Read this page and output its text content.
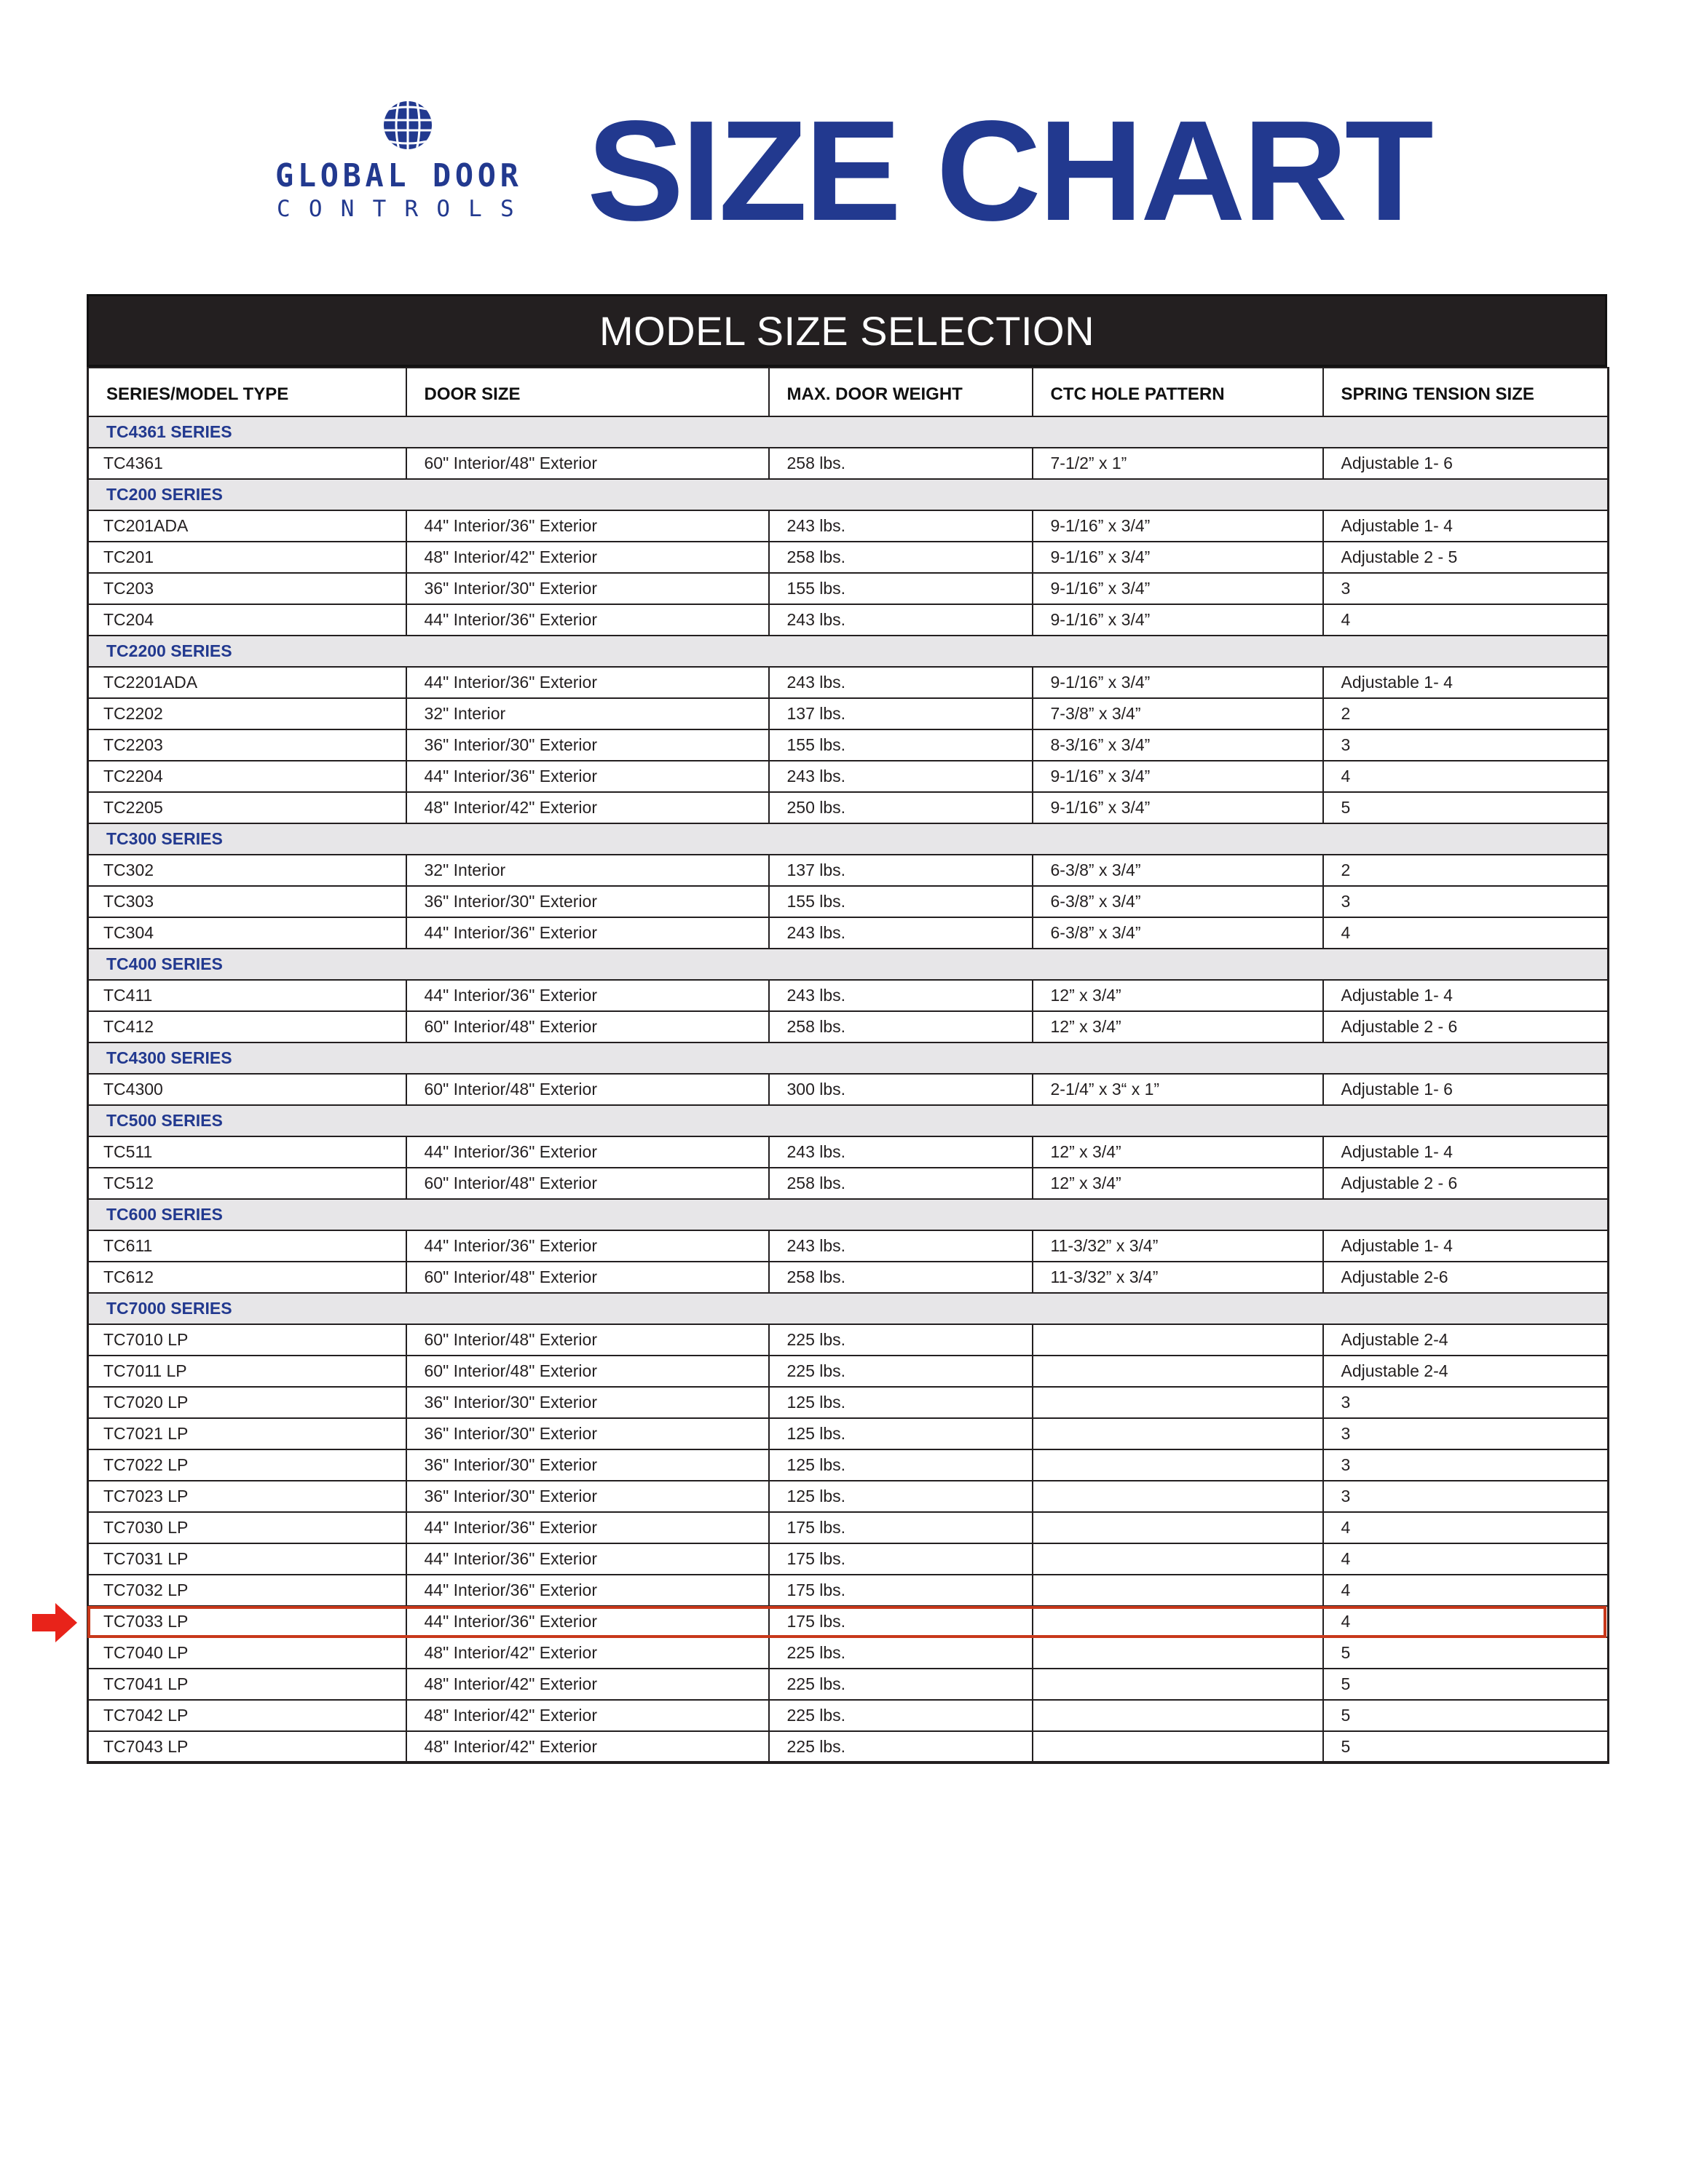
GLOBAL DOOR
CONTROLS SIZE CHART
MODEL SIZE SELECTION
SERIES/MODEL TYPE	DOOR SIZE	MAX. DOOR WEIGHT	CTC HOLE PATTERN	SPRING TENSION SIZE
TC4361 SERIES				
TC4361	60" Interior/48" Exterior	258 lbs.	7-1/2” x 1”	Adjustable 1- 6
TC200 SERIES				
TC201ADA	44" Interior/36" Exterior	243 lbs.	9-1/16” x 3/4”	Adjustable 1- 4
TC201	48" Interior/42" Exterior	258 lbs.	9-1/16” x 3/4”	Adjustable 2 - 5
TC203	36" Interior/30" Exterior	155 lbs.	9-1/16” x 3/4”	3
TC204	44" Interior/36" Exterior	243 lbs.	9-1/16” x 3/4”	4
TC2200 SERIES				
TC2201ADA	44" Interior/36" Exterior	243 lbs.	9-1/16” x 3/4”	Adjustable 1- 4
TC2202	32" Interior	137 lbs.	7-3/8” x 3/4”	2
TC2203	36" Interior/30" Exterior	155 lbs.	8-3/16” x 3/4”	3
TC2204	44" Interior/36" Exterior	243 lbs.	9-1/16” x 3/4”	4
TC2205	48" Interior/42" Exterior	250 lbs.	9-1/16” x 3/4”	5
TC300 SERIES				
TC302	32" Interior	137 lbs.	6-3/8” x 3/4”	2
TC303	36" Interior/30" Exterior	155 lbs.	6-3/8” x 3/4”	3
TC304	44" Interior/36" Exterior	243 lbs.	6-3/8” x 3/4”	4
TC400 SERIES				
TC411	44" Interior/36" Exterior	243 lbs.	12” x 3/4”	Adjustable 1- 4
TC412	60" Interior/48" Exterior	258 lbs.	12” x 3/4”	Adjustable 2 - 6
TC4300 SERIES				
TC4300	60" Interior/48" Exterior	300 lbs.	2-1/4” x 3“ x 1”	Adjustable 1- 6
TC500 SERIES				
TC511	44" Interior/36" Exterior	243 lbs.	12” x 3/4”	Adjustable 1- 4
TC512	60" Interior/48" Exterior	258 lbs.	12” x 3/4”	Adjustable 2 - 6
TC600 SERIES				
TC611	44" Interior/36" Exterior	243 lbs.	11-3/32” x 3/4”	Adjustable 1- 4
TC612	60" Interior/48" Exterior	258 lbs.	11-3/32” x 3/4”	Adjustable 2-6
TC7000 SERIES				
TC7010 LP	60" Interior/48" Exterior	225 lbs.		Adjustable 2-4
TC7011 LP	60" Interior/48" Exterior	225 lbs.		Adjustable 2-4
TC7020 LP	36" Interior/30" Exterior	125 lbs.		3
TC7021 LP	36" Interior/30" Exterior	125 lbs.		3
TC7022 LP	36" Interior/30" Exterior	125 lbs.		3
TC7023 LP	36" Interior/30" Exterior	125 lbs.		3
TC7030 LP	44" Interior/36" Exterior	175 lbs.		4
TC7031 LP	44" Interior/36" Exterior	175 lbs.		4
TC7032 LP	44" Interior/36" Exterior	175 lbs.		4
TC7033 LP	44" Interior/36" Exterior	175 lbs.		4
TC7040 LP	48" Interior/42" Exterior	225 lbs.		5
TC7041 LP	48" Interior/42" Exterior	225 lbs.		5
TC7042 LP	48" Interior/42" Exterior	225 lbs.		5
TC7043 LP	48" Interior/42" Exterior	225 lbs.		5
